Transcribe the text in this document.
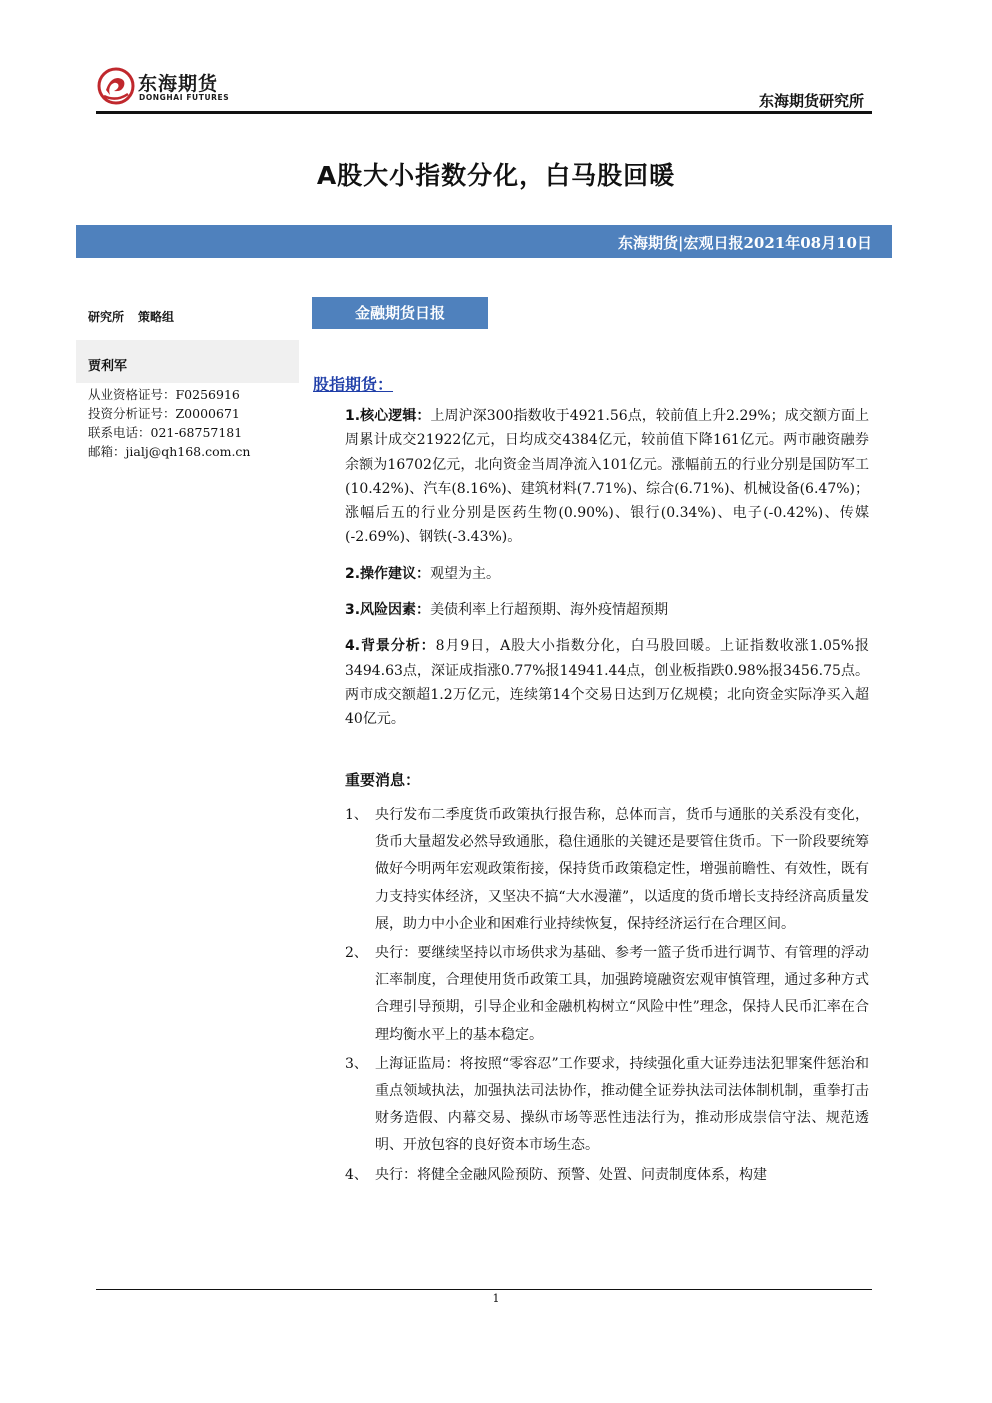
东海期货
DONGHAI FUTURES	东海期货研究所
A股大小指数分化，白马股回暖
东海期货|宏观日报2021年08月10日
研究所 策略组
贾利军
从业资格证号：F0256916
投资分析证号：Z0000671
联系电话：021-68757181
邮箱：jialj@qh168.com.cn
金融期货日报
股指期货：

1.核心逻辑：上周沪深300指数收于4921.56点，较前值上升2.29%；成交额方面上周累计成交21922亿元，日均成交4384亿元，较前值下降161亿元。两市融资融券余额为16702亿元，北向资金当周净流入101亿元。涨幅前五的行业分别是国防军工(10.42%)、汽车(8.16%)、建筑材料(7.71%)、综合(6.71%)、机械设备(6.47%)；涨幅后五的行业分别是医药生物(0.90%)、银行(0.34%)、电子(-0.42%)、传媒(-2.69%)、钢铁(-3.43%)。

2.操作建议：观望为主。

3.风险因素：美债利率上行超预期、海外疫情超预期

4.背景分析：8月9日，A股大小指数分化，白马股回暖。上证指数收涨1.05%报3494.63点，深证成指涨0.77%报14941.44点，创业板指跌0.98%报3456.75点。两市成交额超1.2万亿元，连续第14个交易日达到万亿规模；北向资金实际净买入超40亿元。

重要消息：
1、 央行发布二季度货币政策执行报告称，总体而言，货币与通胀的关系没有变化，货币大量超发必然导致通胀，稳住通胀的关键还是要管住货币。下一阶段要统筹做好今明两年宏观政策衔接，保持货币政策稳定性，增强前瞻性、有效性，既有力支持实体经济，又坚决不搞“大水漫灌”，以适度的货币增长支持经济高质量发展，助力中小企业和困难行业持续恢复，保持经济运行在合理区间。
2、 央行：要继续坚持以市场供求为基础、参考一篮子货币进行调节、有管理的浮动汇率制度，合理使用货币政策工具，加强跨境融资宏观审慎管理，通过多种方式合理引导预期，引导企业和金融机构树立“风险中性”理念，保持人民币汇率在合理均衡水平上的基本稳定。
3、 上海证监局：将按照“零容忍”工作要求，持续强化重大证券违法犯罪案件惩治和重点领域执法，加强执法司法协作，推动健全证券执法司法体制机制，重拳打击财务造假、内幕交易、操纵市场等恶性违法行为，推动形成崇信守法、规范透明、开放包容的良好资本市场生态。
4、 央行：将健全金融风险预防、预警、处置、问责制度体系，构建
1
